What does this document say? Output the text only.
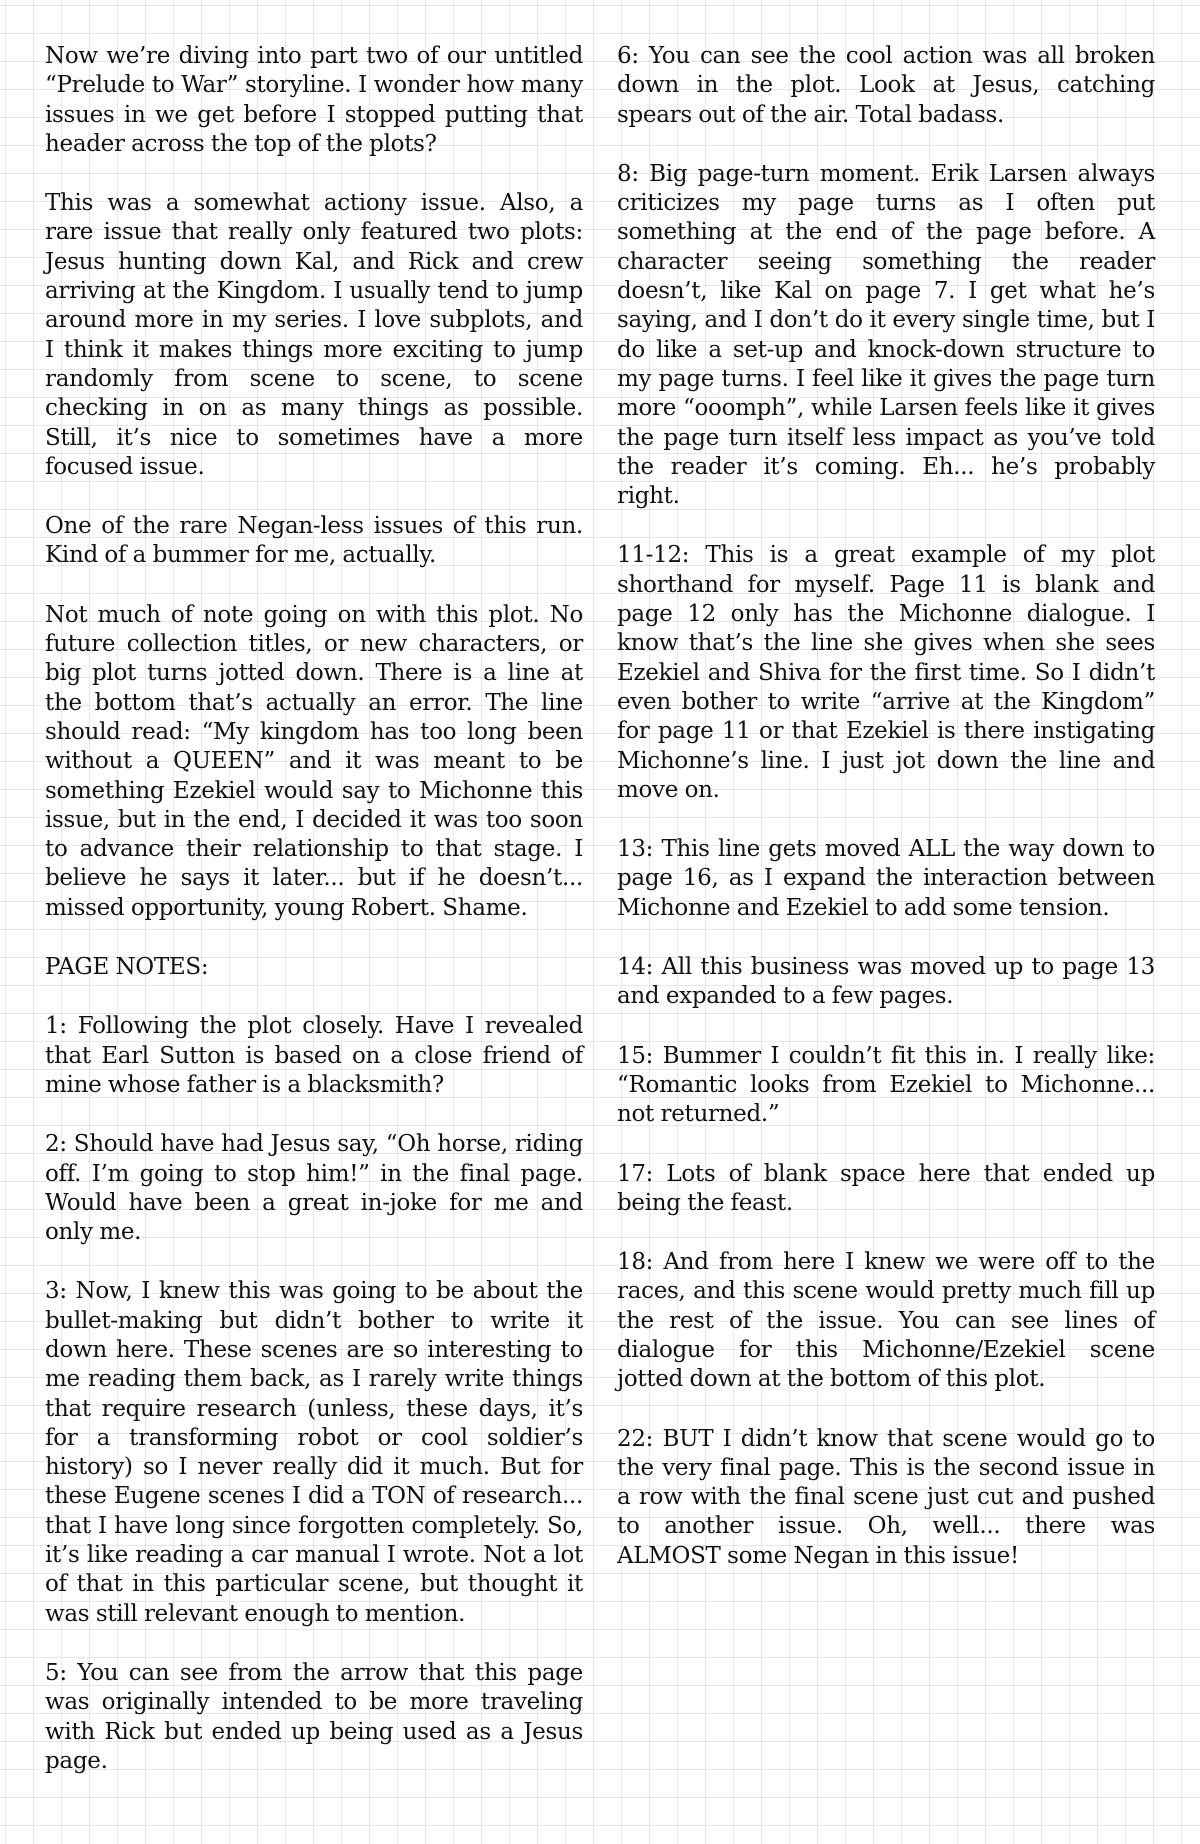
Now we’re diving into part two of our untitled “Prelude to War” storyline. I wonder how many issues in we get before I stopped putting that header across the top of the plots?

This was a somewhat actiony issue. Also, a rare issue that really only featured two plots: Jesus hunting down Kal, and Rick and crew arriving at the Kingdom. I usually tend to jump around more in my series. I love subplots, and I think it makes things more exciting to jump randomly from scene to scene, to scene checking in on as many things as possible. Still, it’s nice to sometimes have a more focused issue.

One of the rare Negan-less issues of this run. Kind of a bummer for me, actually.

Not much of note going on with this plot. No future collection titles, or new characters, or big plot turns jotted down. There is a line at the bottom that’s actually an error. The line should read: “My kingdom has too long been without a QUEEN” and it was meant to be something Ezekiel would say to Michonne this issue, but in the end, I decided it was too soon to advance their relationship to that stage. I believe he says it later... but if he doesn’t... missed opportunity, young Robert. Shame.

PAGE NOTES:

1: Following the plot closely. Have I revealed that Earl Sutton is based on a close friend of mine whose father is a blacksmith?

2: Should have had Jesus say, “Oh horse, riding off. I’m going to stop him!” in the final page. Would have been a great in-joke for me and only me.

3: Now, I knew this was going to be about the bullet-making but didn’t bother to write it down here. These scenes are so interesting to me reading them back, as I rarely write things that require research (unless, these days, it’s for a transforming robot or cool soldier’s history) so I never really did it much. But for these Eugene scenes I did a TON of research... that I have long since forgotten completely. So, it’s like reading a car manual I wrote. Not a lot of that in this particular scene, but thought it was still relevant enough to mention.

5: You can see from the arrow that this page was originally intended to be more traveling with Rick but ended up being used as a Jesus page.

6: You can see the cool action was all broken down in the plot. Look at Jesus, catching spears out of the air. Total badass.

8: Big page-turn moment. Erik Larsen always criticizes my page turns as I often put something at the end of the page before. A character seeing something the reader doesn’t, like Kal on page 7. I get what he’s saying, and I don’t do it every single time, but I do like a set-up and knock-down structure to my page turns. I feel like it gives the page turn more “ooomph”, while Larsen feels like it gives the page turn itself less impact as you’ve told the reader it’s coming. Eh... he’s probably right.

11-12: This is a great example of my plot shorthand for myself. Page 11 is blank and page 12 only has the Michonne dialogue. I know that’s the line she gives when she sees Ezekiel and Shiva for the first time. So I didn’t even bother to write “arrive at the Kingdom” for page 11 or that Ezekiel is there instigating Michonne’s line. I just jot down the line and move on.

13: This line gets moved ALL the way down to page 16, as I expand the interaction between Michonne and Ezekiel to add some tension.

14: All this business was moved up to page 13 and expanded to a few pages.

15: Bummer I couldn’t fit this in. I really like: “Romantic looks from Ezekiel to Michonne... not returned.”

17: Lots of blank space here that ended up being the feast.

18: And from here I knew we were off to the races, and this scene would pretty much fill up the rest of the issue. You can see lines of dialogue for this Michonne/Ezekiel scene jotted down at the bottom of this plot.

22: BUT I didn’t know that scene would go to the very final page. This is the second issue in a row with the final scene just cut and pushed to another issue. Oh, well... there was ALMOST some Negan in this issue!
